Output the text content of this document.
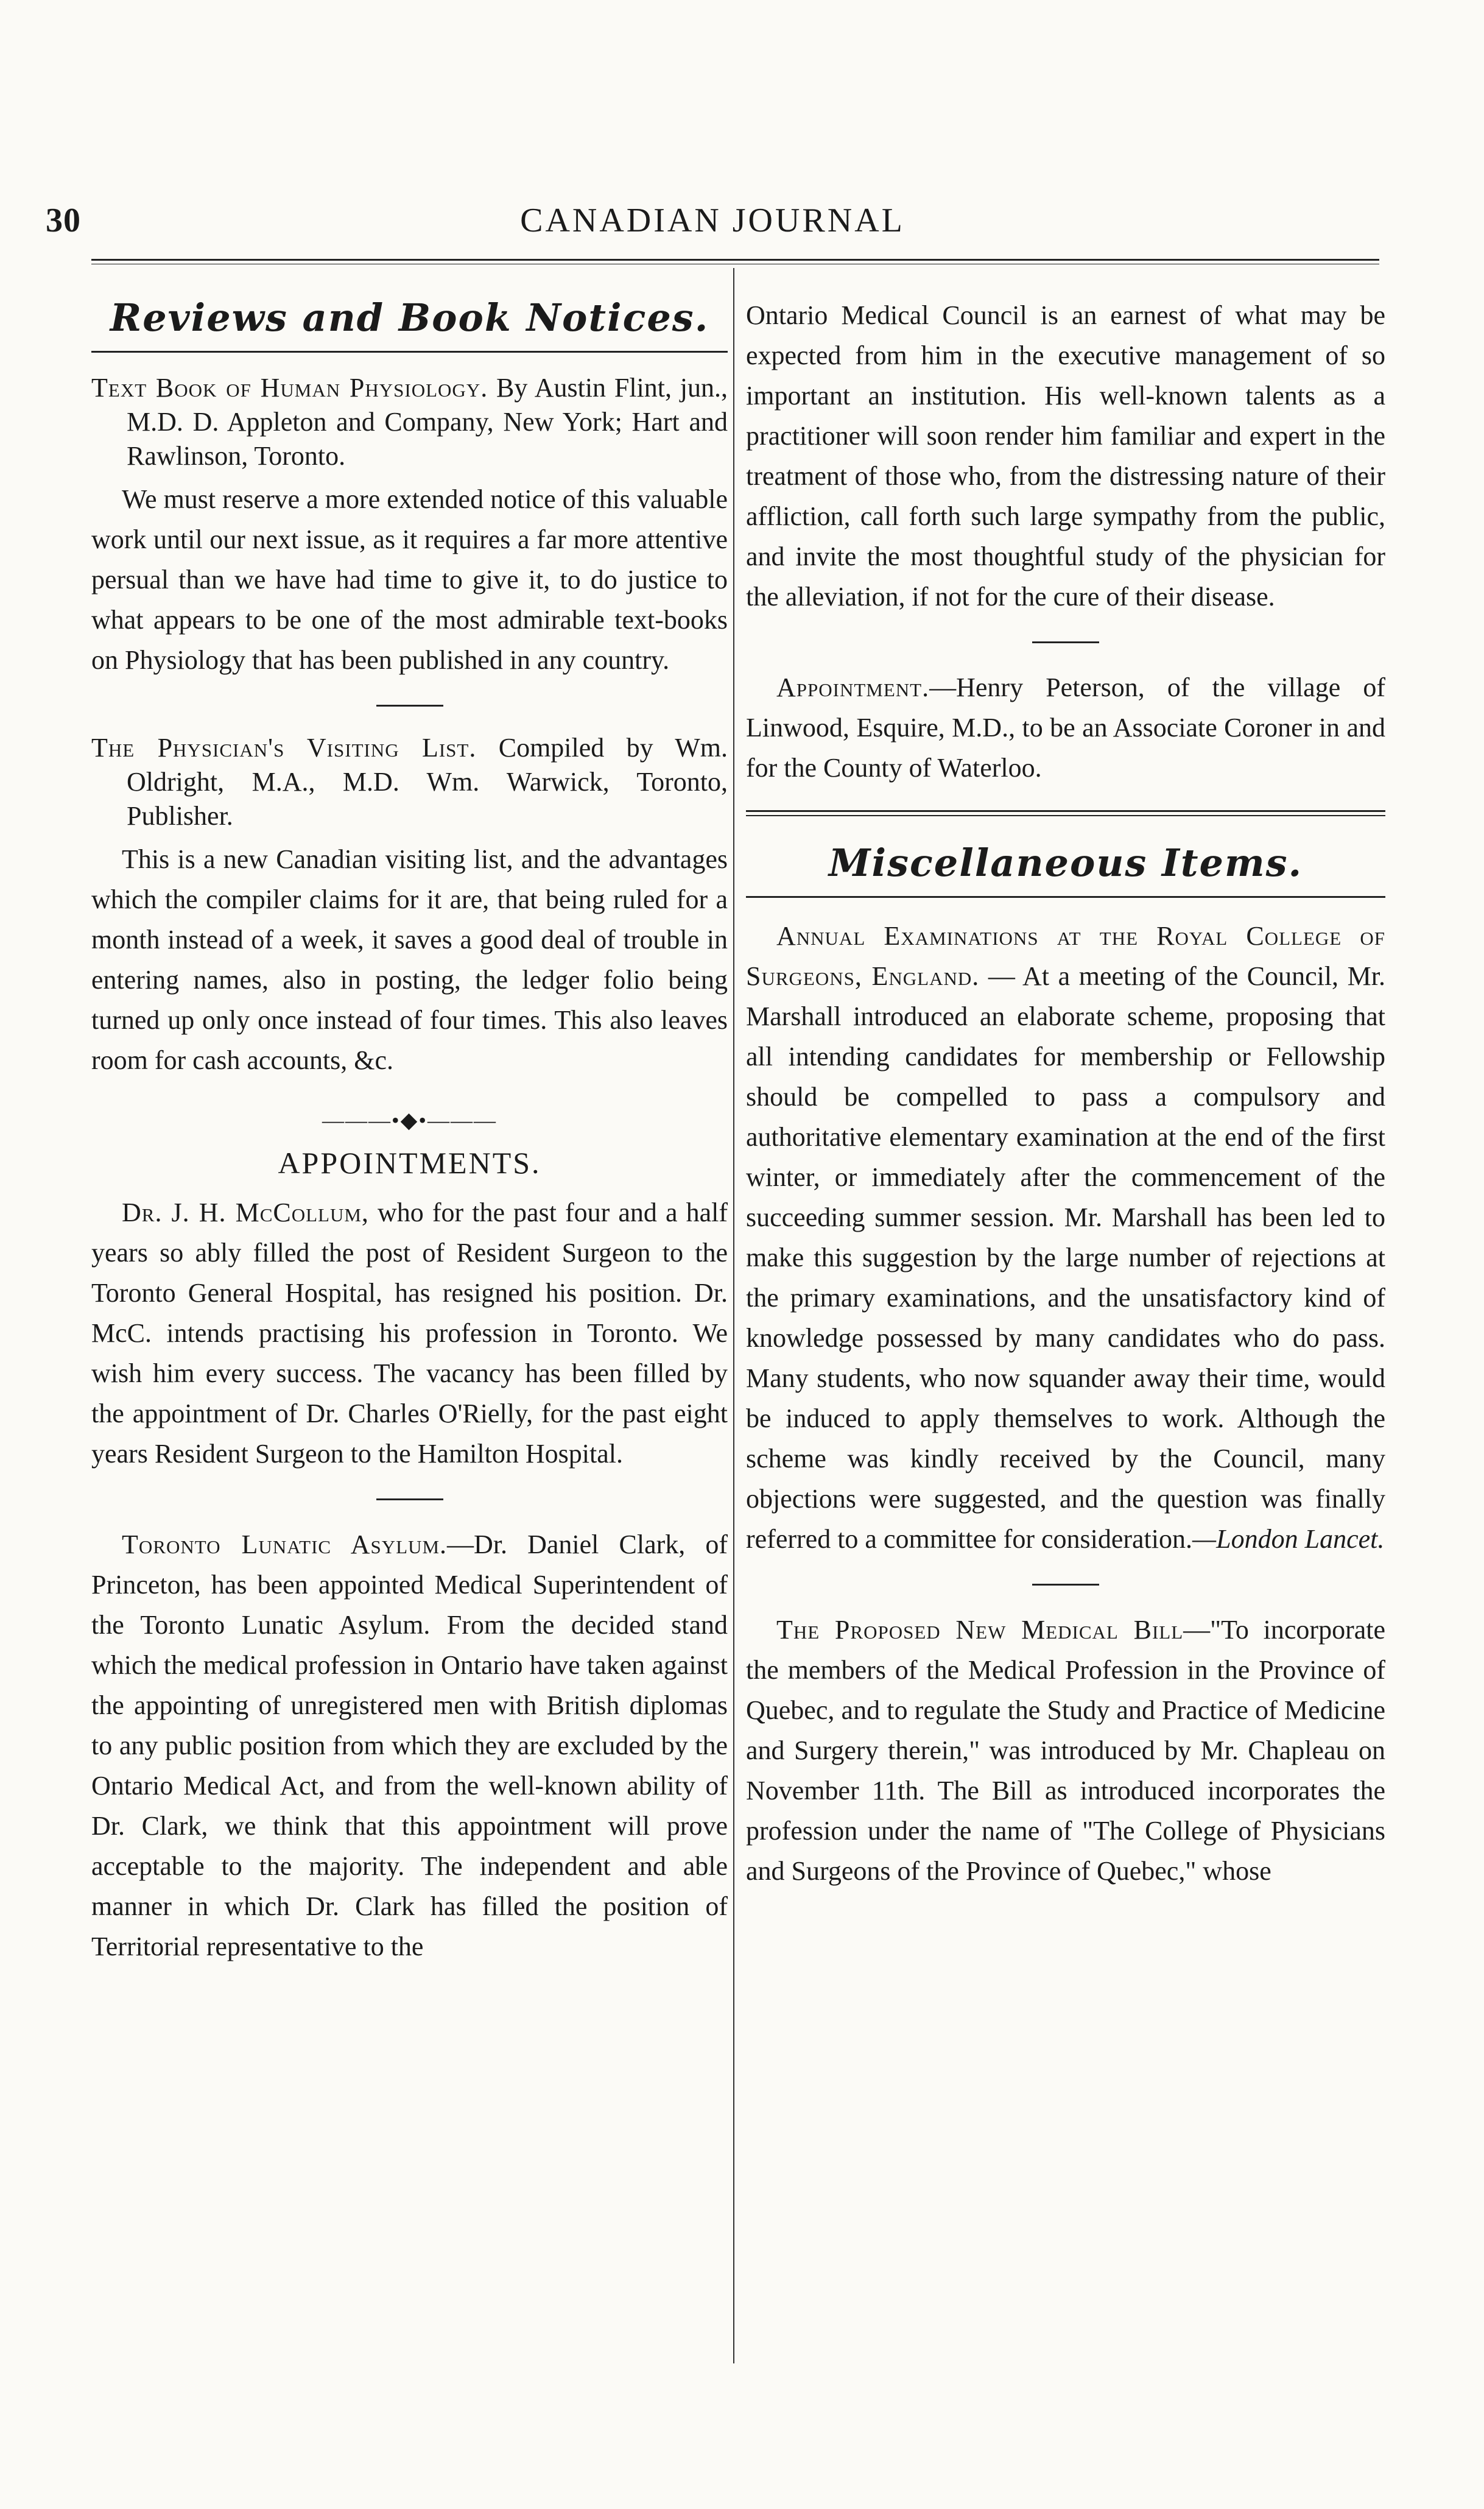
30	CANADIAN JOURNAL
Reviews and Book Notices.
Text Book of Human Physiology. By Austin Flint, jun., M.D. D. Appleton and Company, New York; Hart and Rawlinson, Toronto.

We must reserve a more extended notice of this valuable work until our next issue, as it requires a far more attentive persual than we have had time to give it, to do justice to what appears to be one of the most admirable text-books on Physiology that has been published in any country.

The Physician's Visiting List. Compiled by Wm. Oldright, M.A., M.D. Wm. Warwick, Toronto, Publisher.

This is a new Canadian visiting list, and the advantages which the compiler claims for it are, that being ruled for a month instead of a week, it saves a good deal of trouble in entering names, also in posting, the ledger folio being turned up only once instead of four times. This also leaves room for cash accounts, &c.

———•◆•———
APPOINTMENTS.

Dr. J. H. McCollum, who for the past four and a half years so ably filled the post of Resident Surgeon to the Toronto General Hospital, has resigned his position. Dr. McC. intends practising his profession in Toronto. We wish him every success. The vacancy has been filled by the appointment of Dr. Charles O'Rielly, for the past eight years Resident Surgeon to the Hamilton Hospital.

Toronto Lunatic Asylum.—Dr. Daniel Clark, of Princeton, has been appointed Medical Superintendent of the Toronto Lunatic Asylum. From the decided stand which the medical profession in Ontario have taken against the appointing of unregistered men with British diplomas to any public position from which they are excluded by the Ontario Medical Act, and from the well-known ability of Dr. Clark, we think that this appointment will prove acceptable to the majority. The independent and able manner in which Dr. Clark has filled the position of Territorial representative to the

Ontario Medical Council is an earnest of what may be expected from him in the executive management of so important an institution. His well-known talents as a practitioner will soon render him familiar and expert in the treatment of those who, from the distressing nature of their affliction, call forth such large sympathy from the public, and invite the most thoughtful study of the physician for the alleviation, if not for the cure of their disease.

Appointment.—Henry Peterson, of the village of Linwood, Esquire, M.D., to be an Associate Coroner in and for the County of Waterloo.

Miscellaneous Items.

Annual Examinations at the Royal College of Surgeons, England. — At a meeting of the Council, Mr. Marshall introduced an elaborate scheme, proposing that all intending candidates for membership or Fellowship should be compelled to pass a compulsory and authoritative elementary examination at the end of the first winter, or immediately after the commencement of the succeeding summer session. Mr. Marshall has been led to make this suggestion by the large number of rejections at the primary examinations, and the unsatisfactory kind of knowledge possessed by many candidates who do pass. Many students, who now squander away their time, would be induced to apply themselves to work. Although the scheme was kindly received by the Council, many objections were suggested, and the question was finally referred to a committee for consideration.—London Lancet.

The Proposed New Medical Bill—"To incorporate the members of the Medical Profession in the Province of Quebec, and to regulate the Study and Practice of Medicine and Surgery therein," was introduced by Mr. Chapleau on November 11th. The Bill as introduced incorporates the profession under the name of "The College of Physicians and Surgeons of the Province of Quebec," whose
